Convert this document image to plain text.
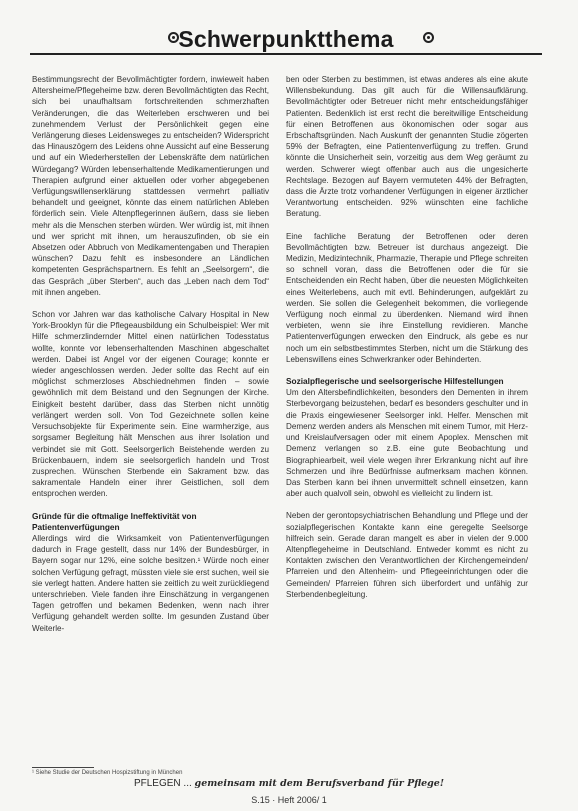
Schwerpunktthema

Bestimmungsrecht der Bevollmächtigter fordern, inwieweit haben Altersheime/Pflegeheime bzw. deren Bevollmächtigten das Recht, sich bei unaufhaltsam fortschreitenden schmerzhaften Veränderungen, die das Weiterleben erschweren und bei zunehmendem Verlust der Persönlichkeit gegen eine Verlängerung dieses Leidensweges zu entscheiden? Widerspricht das Hinauszögern des Leidens ohne Aussicht auf eine Besserung und auf ein Wiederherstellen der Lebenskräfte dem natürlichen Würdegang? Würden lebenserhaltende Medikamentierungen und Therapien aufgrund einer aktuellen oder vorher abgegebenen Verfügungswillenserklärung stattdessen vermehrt palliativ behandelt und geeignet, könnte das einem natürlichen Ableben förderlich sein. Viele Altenpflegerinnen äußern, dass sie lieben mehr als die Menschen sterben würden. Wer würdig ist, mit ihnen und wer spricht mit ihnen, um herauszufinden, ob sie ein Absetzen oder Abbruch von Medikamentengaben und Therapien wünschen? Dazu fehlt es insbesondere an Ländlichen kompetenten Gesprächspartnern. Es fehlt an „Seelsorgern“, die das Gespräch „über Sterben“, auch das „Leben nach dem Tod“ mit ihnen angeben.

Schon vor Jahren war das katholische Calvary Hospital in New York-Brooklyn für die Pflegeausbildung ein Schulbeispiel: Wer mit Hilfe schmerzlindernder Mittel einen natürlichen Todesstatus wollte, konnte vor lebenserhaltenden Maschinen abgeschaltet werden. Dabei ist Angel vor der eigenen Courage; konnte er wieder angeschlossen werden. Jeder sollte das Recht auf ein möglichst schmerzloses Abschiednehmen finden – sowie gewöhnlich mit dem Beistand und den Segnungen der Kirche. Einigkeit besteht darüber, dass das Sterben nicht unnötig verlängert werden soll. Von Tod Gezeichnete sollen keine Versuchsobjekte für Experimente sein. Eine warmherzige, aus sorgsamer Begleitung hält Menschen aus ihrer Isolation und verbindet sie mit Gott. Seelsorgerlich Beistehende werden zu Brückenbauern, indem sie seelsorgerlich handeln und Trost zusprechen. Wünschen Sterbende ein Sakrament bzw. das sakramentale Handeln einer ihrer Geistlichen, soll dem entsprochen werden.

Gründe für die oftmalige Ineffektivität von Patientenverfügungen

Allerdings wird die Wirksamkeit von Patientenverfügungen dadurch in Frage gestellt, dass nur 14% der Bundesbürger, in Bayern sogar nur 12%, eine solche besitzen.¹ Würde noch einer solchen Verfügung gefragt, müssten viele sie erst suchen, weil sie sie verlegt hatten. Andere hatten sie zeitlich zu weit zurückliegend unterschrieben. Viele fanden ihre Einschätzung in vergangenen Tagen getroffen und bekamen Bedenken, wenn nach ihrer Verfügung gehandelt werden sollte. Im gesunden Zustand über Weiterle-

ben oder Sterben zu bestimmen, ist etwas anderes als eine akute Willensbekundung. Das gilt auch für die Willensaufklärung. Bevollmächtigter oder Betreuer nicht mehr entscheidungsfähiger Patienten. Bedenklich ist erst recht die bereitwillige Entscheidung für einen Betroffenen aus ökonomischen oder sogar aus Erbschaftsgründen. Nach Auskunft der genannten Studie zögerten 59% der Befragten, eine Patientenverfügung zu treffen. Grund könnte die Unsicherheit sein, vorzeitig aus dem Weg geräumt zu werden. Schwerer wiegt offenbar auch aus die ungesicherte Rechtslage. Bezogen auf Bayern vermuteten 44% der Befragten, dass die Ärzte trotz vorhandener Verfügungen in eigener ärztlicher Verantwortung entscheiden. 92% wünschten eine fachliche Beratung.

Eine fachliche Beratung der Betroffenen oder deren Bevollmächtigten bzw. Betreuer ist durchaus angezeigt. Die Medizin, Medizintechnik, Pharmazie, Therapie und Pflege schreiten so schnell voran, dass die Betroffenen oder die für sie Entscheidenden ein Recht haben, über die neuesten Möglichkeiten eines Weiterlebens, auch mit evtl. Behinderungen, aufgeklärt zu werden. Sie sollen die Gelegenheit bekommen, die vorliegende Verfügung noch einmal zu überdenken. Niemand wird ihnen verbieten, wenn sie ihre Einstellung revidieren. Manche Patientenverfügungen erwecken den Eindruck, als gebe es nur noch um ein selbstbestimmtes Sterben, nicht um die Stärkung des Lebenswillens eines Schwerkranker oder Behinderten.

Sozialpflegerische und seelsorgerische Hilfestellungen

Um den Altersbefindlichkeiten, besonders den Dementen in ihrem Sterbevorgang beizustehen, bedarf es besonders geschulter und in die Praxis eingewiesener Seelsorger inkl. Helfer. Menschen mit Demenz werden anders als Menschen mit einem Tumor, mit Herz- und Kreislaufversagen oder mit einem Apoplex. Menschen mit Demenz verlangen so z.B. eine gute Beobachtung und Biographiearbeit, weil viele wegen ihrer Erkrankung nicht auf ihre Schmerzen und ihre Bedürfnisse aufmerksam machen können. Das Sterben kann bei ihnen unvermittelt schnell einsetzen, kann aber auch qualvoll sein, obwohl es vielleicht zu lindern ist.

Neben der gerontopsychiatrischen Behandlung und Pflege und der sozialpflegerischen Kontakte kann eine geregelte Seelsorge hilfreich sein. Gerade daran mangelt es aber in vielen der 9.000 Altenpflegeheime in Deutschland. Entweder kommt es nicht zu Kontakten zwischen den Verantwortlichen der Kirchengemeinden/ Pfarreien und den Altenheim- und Pflegeeinrichtungen oder die Gemeinden/ Pfarreien führen sich überfordert und unfähig zur Sterbendenbegleitung.

¹ Siehe Studie der Deutschen Hospizstiftung in München
PFLEGEN ... gemeinsam mit dem Berufsverband für Pflege!
S.15 · Heft 2006/ 1
